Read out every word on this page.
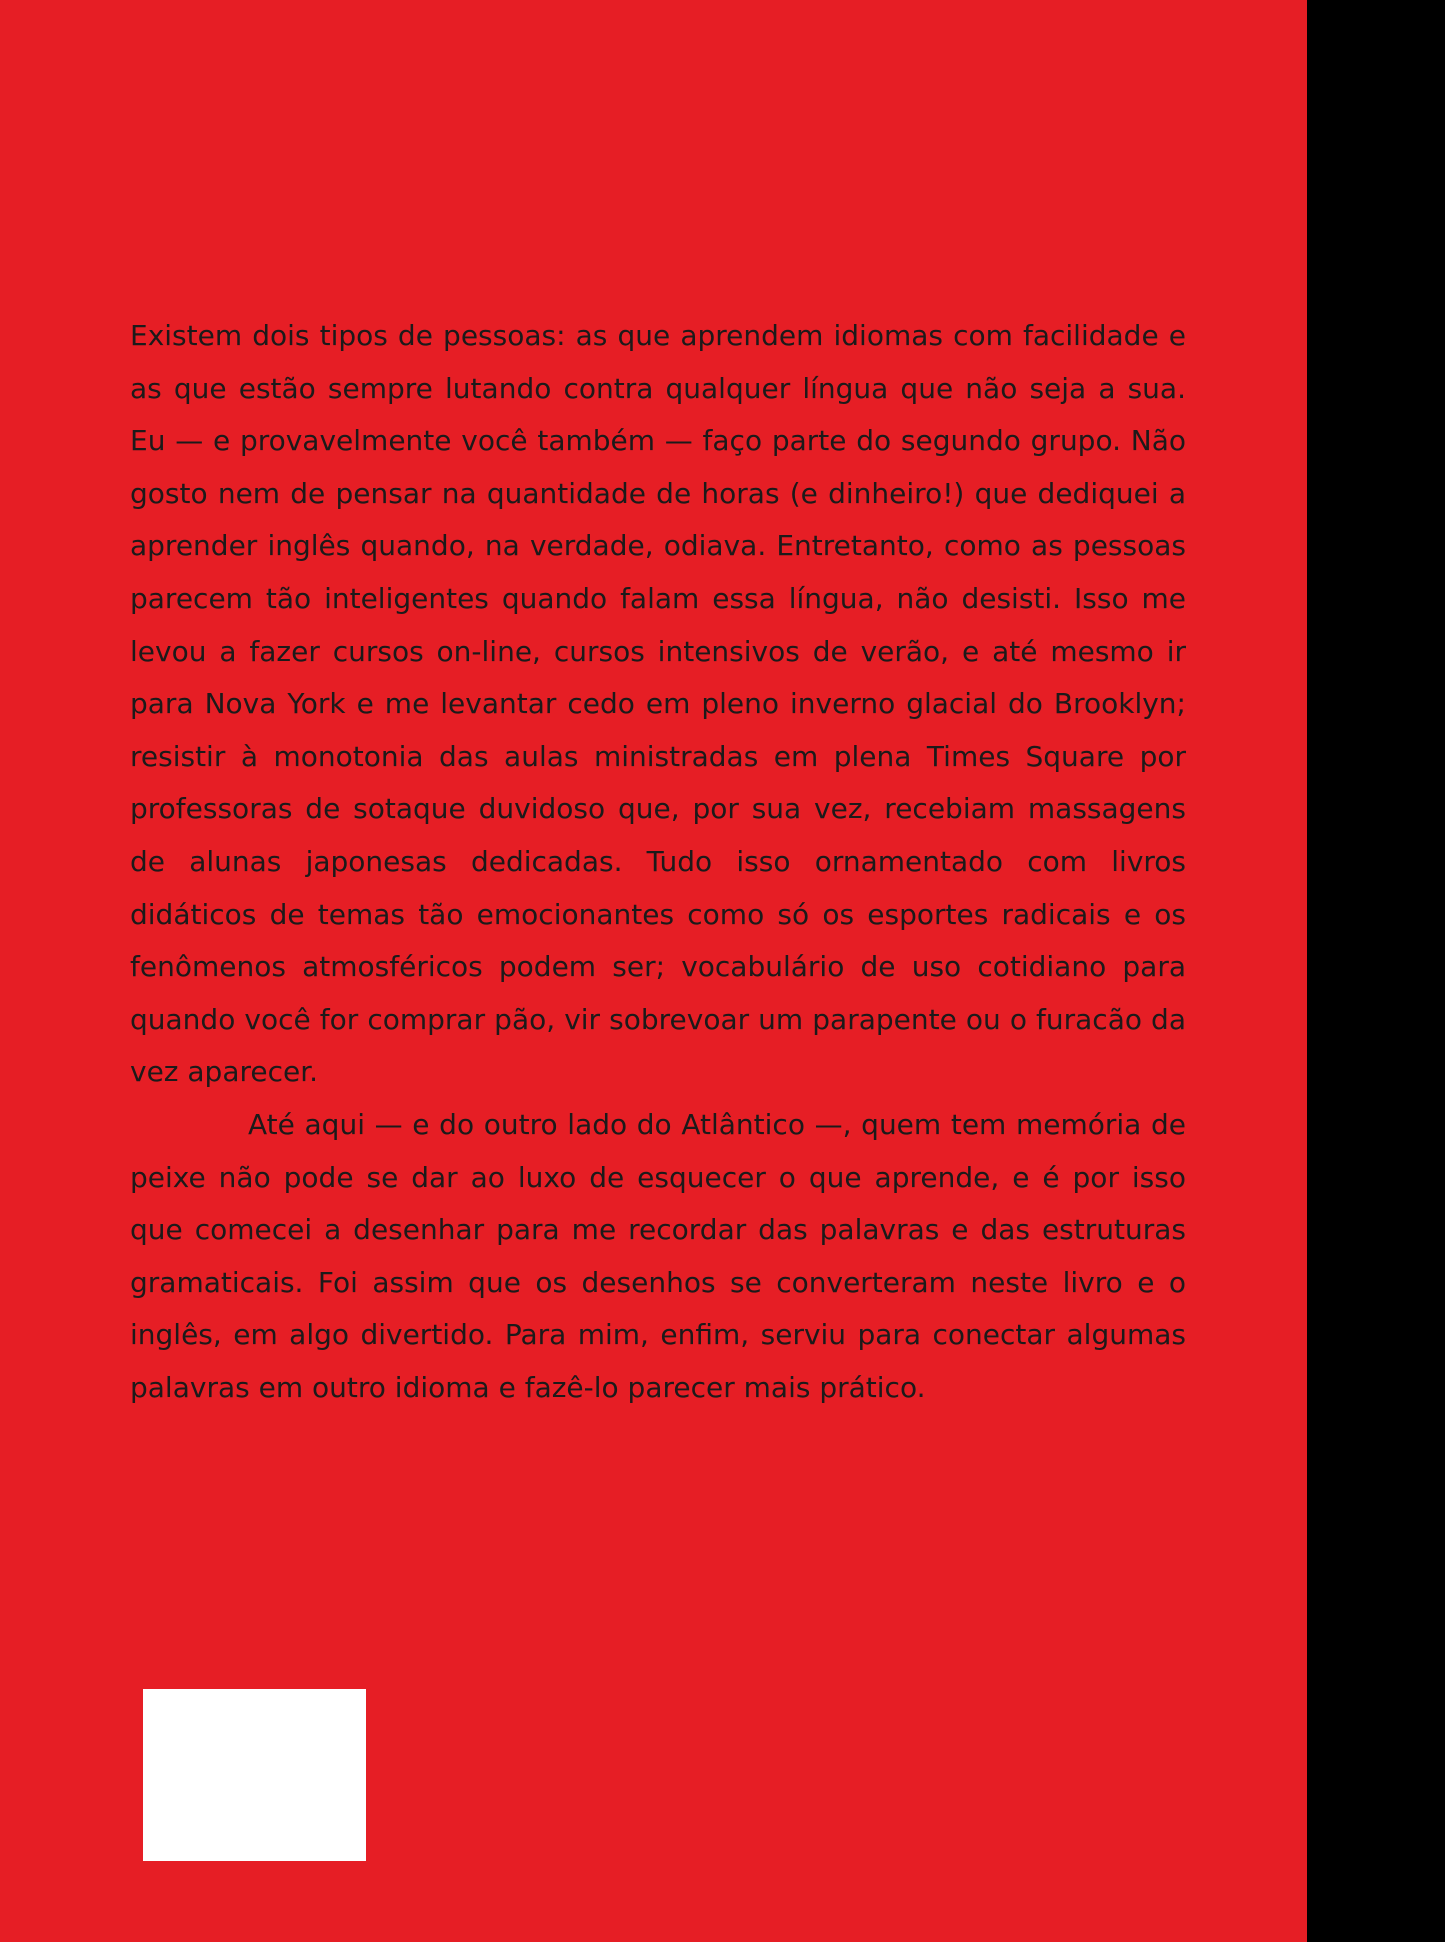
Existem dois tipos de pessoas: as que aprendem idiomas com facilidade e as que estão sempre lutando contra qualquer língua que não seja a sua. Eu — e provavelmente você também — faço parte do segundo grupo. Não gosto nem de pensar na quantidade de horas (e dinheiro!) que dediquei a aprender inglês quando, na verdade, odiava. Entretanto, como as pessoas parecem tão inteligentes quando falam essa língua, não desisti. Isso me levou a fazer cursos on-line, cursos intensivos de verão, e até mesmo ir para Nova York e me levantar cedo em pleno inverno glacial do Brooklyn; resistir à monotonia das aulas ministradas em plena Times Square por professoras de sotaque duvidoso que, por sua vez, recebiam massagens de alunas japonesas dedicadas. Tudo isso ornamentado com livros didáticos de temas tão emocionantes como só os esportes radicais e os fenômenos atmosféricos podem ser; vocabulário de uso cotidiano para quando você for comprar pão, vir sobrevoar um parapente ou o furacão da vez aparecer.

Até aqui — e do outro lado do Atlântico —, quem tem memória de peixe não pode se dar ao luxo de esquecer o que aprende, e é por isso que comecei a desenhar para me recordar das palavras e das estruturas gramaticais. Foi assim que os desenhos se converteram neste livro e o inglês, em algo divertido. Para mim, enfim, serviu para conectar algumas palavras em outro idioma e fazê-lo parecer mais prático.
